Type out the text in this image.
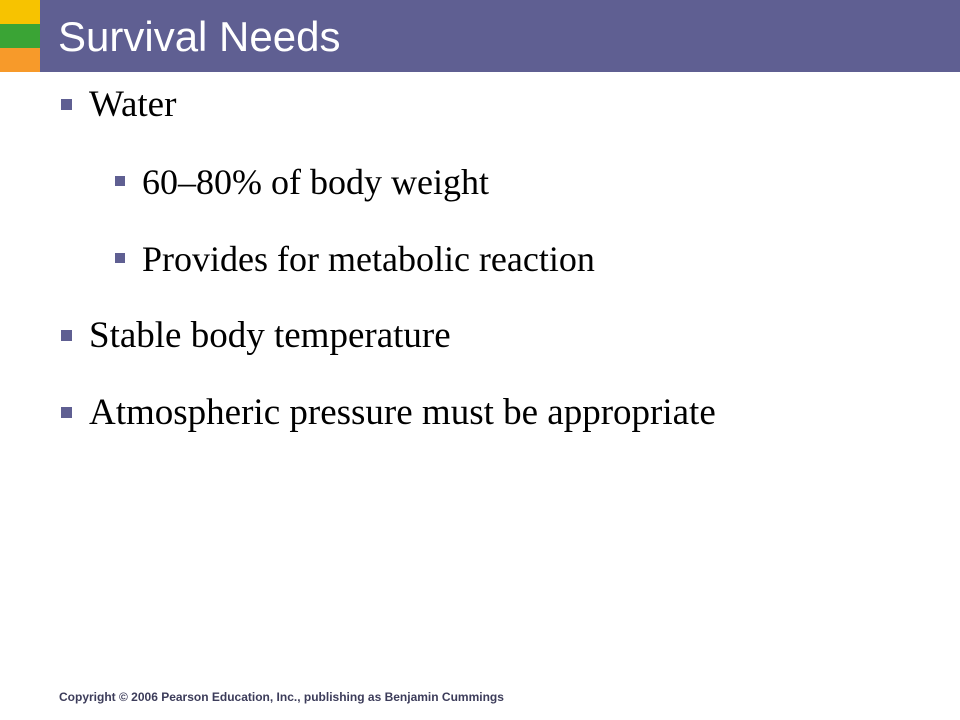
Survival Needs
Water
60–80% of body weight
Provides for metabolic reaction
Stable body temperature
Atmospheric pressure must be appropriate

Copyright © 2006 Pearson Education, Inc., publishing as Benjamin Cummings
